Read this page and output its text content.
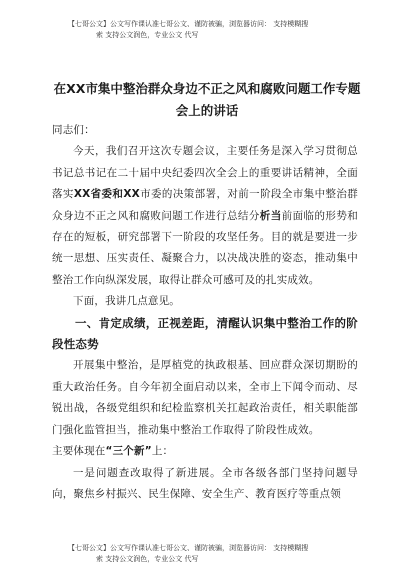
【七哥公文】公文写作课认准七哥公文、谨防被骗，浏览器访问： 支持模糊搜
索 支持公文润色，专业公文 代写
在XX市集中整治群众身边不正之风和腐败问题工作专题会上的讲话

同志们：

今天，我们召开这次专题会议，主要任务是深入学习贯彻总书记总书记在二十届中央纪委四次全会上的重要讲话精神，全面落实XX省委和XX市委的决策部署，对前一阶段全市集中整治群众身边不正之风和腐败问题工作进行总结分析当前面临的形势和存在的短板，研究部署下一阶段的攻坚任务。目的就是要进一步统一思想、压实责任、凝聚合力，以决战决胜的姿态，推动集中整治工作向纵深发展，取得让群众可感可及的扎实成效。

下面，我讲几点意见。

一、肯定成绩，正视差距，清醒认识集中整治工作的阶段性态势

开展集中整治，是厚植党的执政根基、回应群众深切期盼的重大政治任务。自今年初全面启动以来，全市上下闻令而动、尽锐出战，各级党组织和纪检监察机关扛起政治责任，相关职能部门强化监管担当，推动集中整治工作取得了阶段性成效。

主要体现在“三个新”上：

一是问题查改取得了新进展。全市各级各部门坚持问题导向，聚焦乡村振兴、民生保障、安全生产、教育医疗等重点领

【七哥公文】公文写作课认准七哥公文、谨防被骗，浏览器访问： 支持模糊搜
索 支持公文润色，专业公文 代写
